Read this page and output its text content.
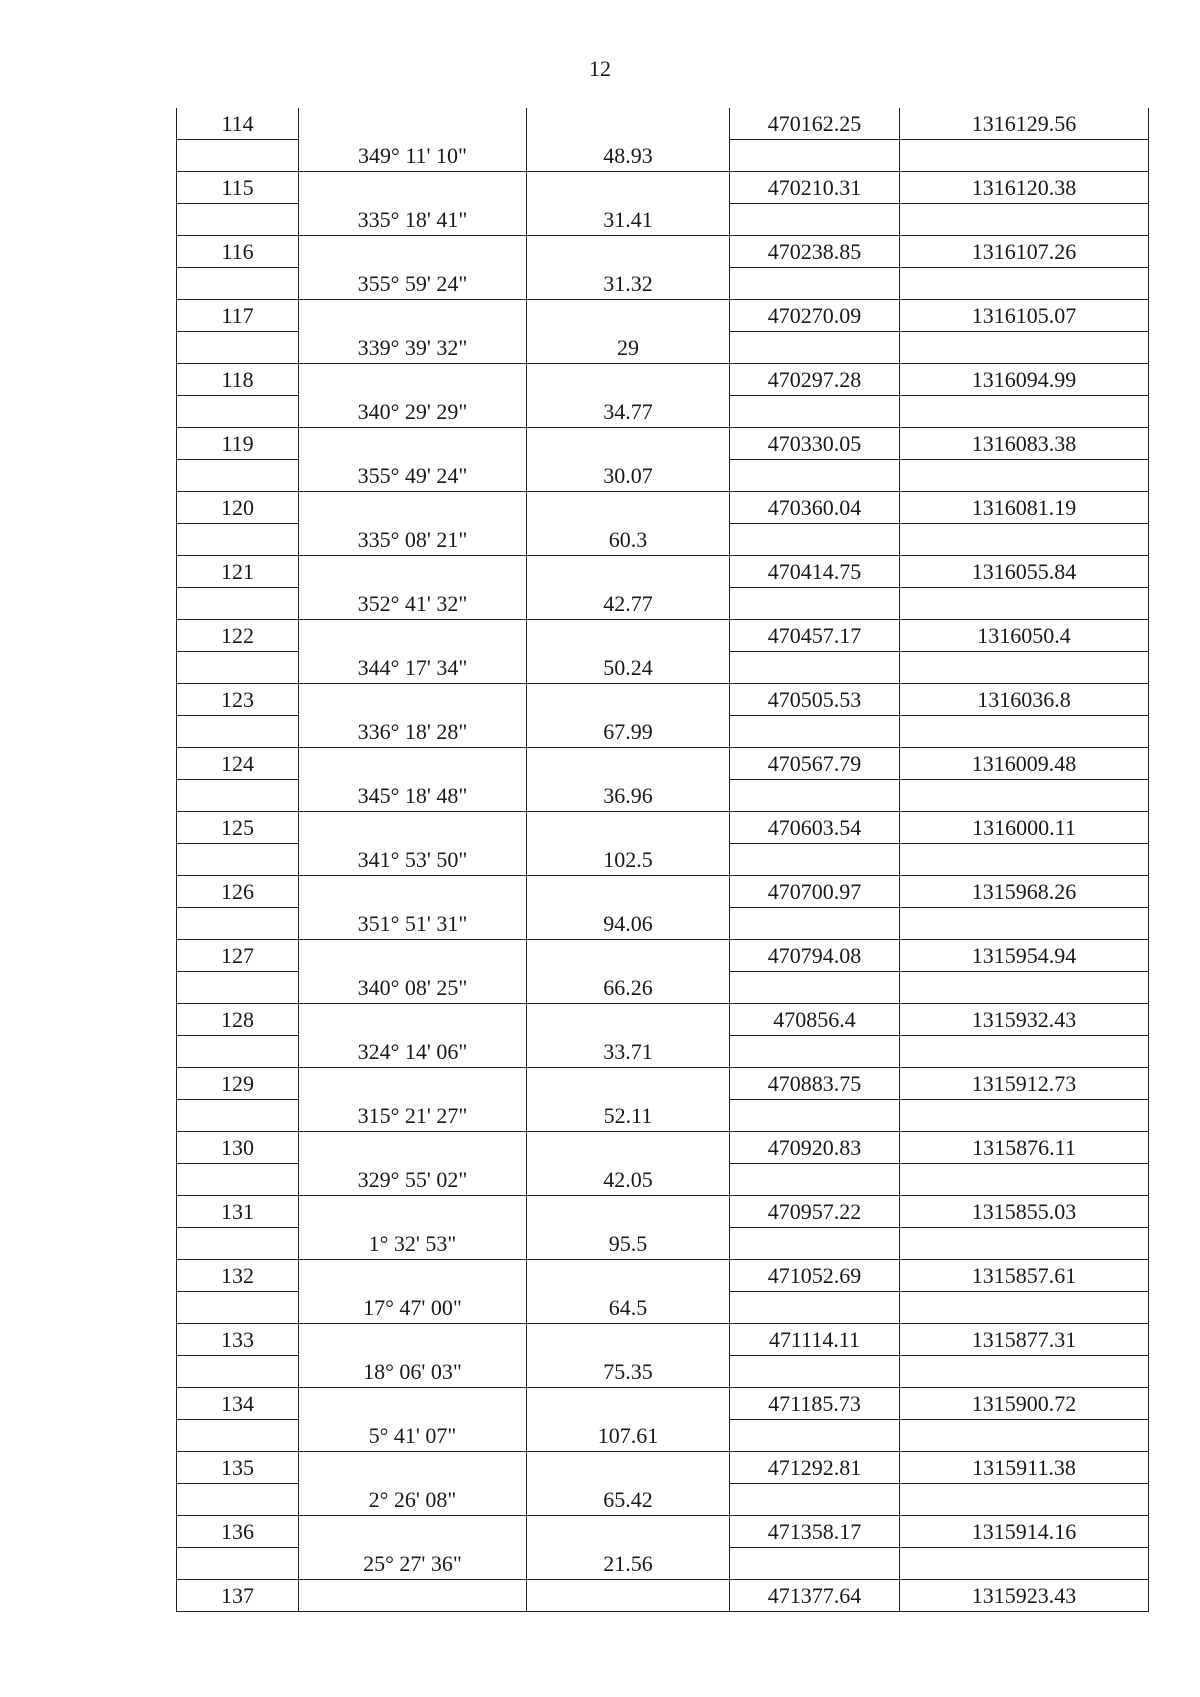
12
114			470162.25	1316129.56
	349° 11' 10"	48.93		
115			470210.31	1316120.38
	335° 18' 41"	31.41		
116			470238.85	1316107.26
	355° 59' 24"	31.32		
117			470270.09	1316105.07
	339° 39' 32"	29		
118			470297.28	1316094.99
	340° 29' 29"	34.77		
119			470330.05	1316083.38
	355° 49' 24"	30.07		
120			470360.04	1316081.19
	335° 08' 21"	60.3		
121			470414.75	1316055.84
	352° 41' 32"	42.77		
122			470457.17	1316050.4
	344° 17' 34"	50.24		
123			470505.53	1316036.8
	336° 18' 28"	67.99		
124			470567.79	1316009.48
	345° 18' 48"	36.96		
125			470603.54	1316000.11
	341° 53' 50"	102.5		
126			470700.97	1315968.26
	351° 51' 31"	94.06		
127			470794.08	1315954.94
	340° 08' 25"	66.26		
128			470856.4	1315932.43
	324° 14' 06"	33.71		
129			470883.75	1315912.73
	315° 21' 27"	52.11		
130			470920.83	1315876.11
	329° 55' 02"	42.05		
131			470957.22	1315855.03
	1° 32' 53"	95.5		
132			471052.69	1315857.61
	17° 47' 00"	64.5		
133			471114.11	1315877.31
	18° 06' 03"	75.35		
134			471185.73	1315900.72
	5° 41' 07"	107.61		
135			471292.81	1315911.38
	2° 26' 08"	65.42		
136			471358.17	1315914.16
	25° 27' 36"	21.56		
137			471377.64	1315923.43
